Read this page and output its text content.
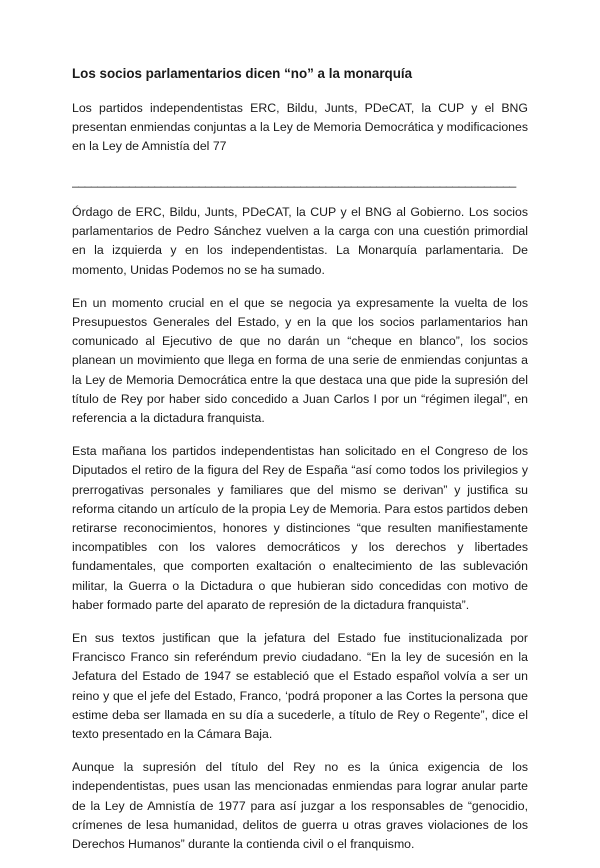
Los socios parlamentarios dicen “no” a la monarquía

Los partidos independentistas ERC, Bildu, Junts, PDeCAT, la CUP y el BNG presentan enmiendas conjuntas a la Ley de Memoria Democrática y modificaciones en la Ley de Amnistía del 77

______________________________________________________________________

Órdago de ERC, Bildu, Junts, PDeCAT, la CUP y el BNG al Gobierno. Los socios parlamentarios de Pedro Sánchez vuelven a la carga con una cuestión primordial en la izquierda y en los independentistas. La Monarquía parlamentaria. De momento, Unidas Podemos no se ha sumado.

En un momento crucial en el que se negocia ya expresamente la vuelta de los Presupuestos Generales del Estado, y en la que los socios parlamentarios han comunicado al Ejecutivo de que no darán un “cheque en blanco”, los socios planean un movimiento que llega en forma de una serie de enmiendas conjuntas a la Ley de Memoria Democrática entre la que destaca una que pide la supresión del título de Rey por haber sido concedido a Juan Carlos I por un “régimen ilegal”, en referencia a la dictadura franquista.

Esta mañana los partidos independentistas han solicitado en el Congreso de los Diputados el retiro de la figura del Rey de España “así como todos los privilegios y prerrogativas personales y familiares que del mismo se derivan” y justifica su reforma citando un artículo de la propia Ley de Memoria. Para estos partidos deben retirarse reconocimientos, honores y distinciones “que resulten manifiestamente incompatibles con los valores democráticos y los derechos y libertades fundamentales, que comporten exaltación o enaltecimiento de las sublevación militar, la Guerra o la Dictadura o que hubieran sido concedidas con motivo de haber formado parte del aparato de represión de la dictadura franquista”.

En sus textos justifican que la jefatura del Estado fue institucionalizada por Francisco Franco sin referéndum previo ciudadano. “En la ley de sucesión en la Jefatura del Estado de 1947 se estableció que el Estado español volvía a ser un reino y que el jefe del Estado, Franco, ‘podrá proponer a las Cortes la persona que estime deba ser llamada en su día a sucederle, a título de Rey o Regente”, dice el texto presentado en la Cámara Baja.

Aunque la supresión del título del Rey no es la única exigencia de los independentistas, pues usan las mencionadas enmiendas para lograr anular parte de la Ley de Amnistía de 1977 para así juzgar a los responsables de “genocidio, crímenes de lesa humanidad, delitos de guerra u otras graves violaciones de los Derechos Humanos” durante la contienda civil o el franquismo.
